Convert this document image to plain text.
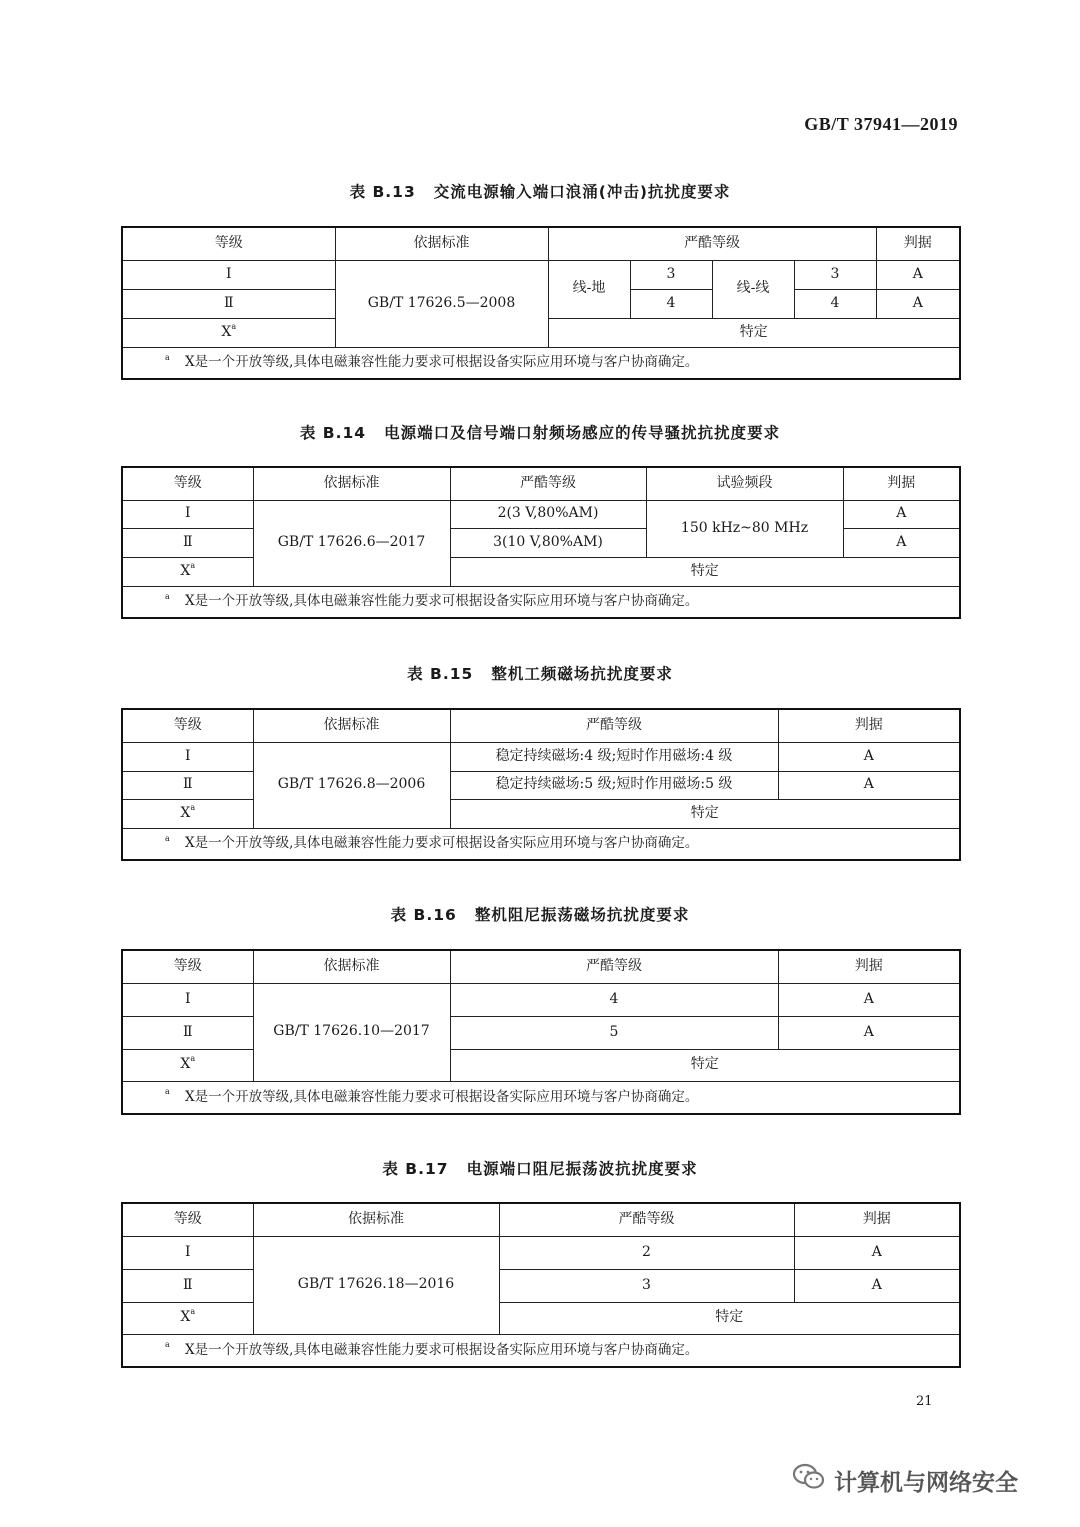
GB/T 37941—2019
表 B.13 交流电源输入端口浪涌(冲击)抗扰度要求
等级	依据标准	严酷等级				判据
Ⅰ	GB/T 17626.5—2008	线-地	3	线-线	3	A
Ⅱ			4		4	A
Ⅹ$^a$		特定				

a Ⅹ是一个开放等级,具体电磁兼容性能力要求可根据设备实际应用环境与客户协商确定。						
表 B.14 电源端口及信号端口射频场感应的传导骚扰抗扰度要求
等级	依据标准	严酷等级	试验频段	判据
Ⅰ	GB/T 17626.6—2017	2(3 V,80%AM)	150 kHz~80 MHz	A
Ⅱ		3(10 V,80%AM)		A
Ⅹ$^a$		特定		

a Ⅹ是一个开放等级,具体电磁兼容性能力要求可根据设备实际应用环境与客户协商确定。				
表 B.15 整机工频磁场抗扰度要求
等级	依据标准	严酷等级	判据
Ⅰ	GB/T 17626.8—2006	稳定持续磁场:4 级;短时作用磁场:4 级	A
Ⅱ		稳定持续磁场:5 级;短时作用磁场:5 级	A
Ⅹ$^a$		特定	

a Ⅹ是一个开放等级,具体电磁兼容性能力要求可根据设备实际应用环境与客户协商确定。			
表 B.16 整机阻尼振荡磁场抗扰度要求
等级	依据标准	严酷等级	判据
Ⅰ	GB/T 17626.10—2017	4	A
Ⅱ		5	A
Ⅹ$^a$		特定	

a Ⅹ是一个开放等级,具体电磁兼容性能力要求可根据设备实际应用环境与客户协商确定。			
表 B.17 电源端口阻尼振荡波抗扰度要求
等级	依据标准	严酷等级	判据
Ⅰ	GB/T 17626.18—2016	2	A
Ⅱ		3	A
Ⅹ$^a$		特定	

a Ⅹ是一个开放等级,具体电磁兼容性能力要求可根据设备实际应用环境与客户协商确定。			
21
计算机与网络安全
